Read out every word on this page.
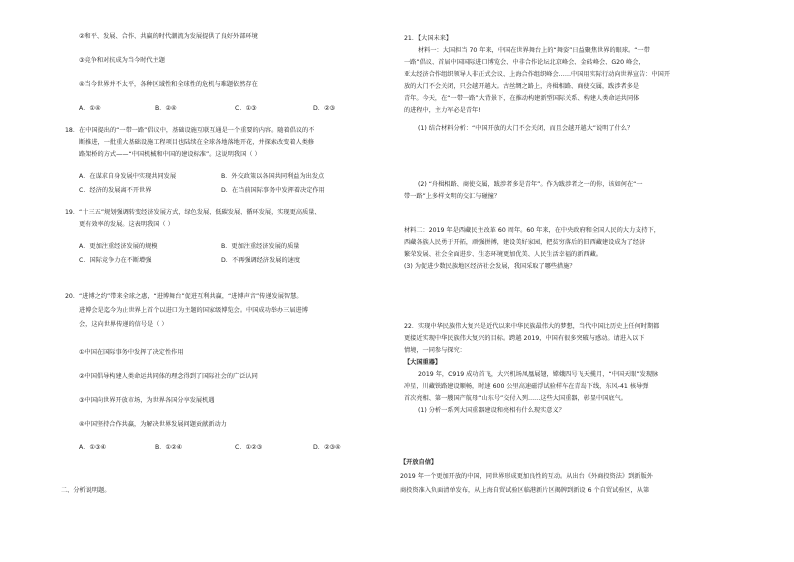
②和平、发展、合作、共赢的时代潮流为发展提供了良好外部环境
③竞争和对抗成为当今时代主题
④当今世界并不太平，各种区域性和全球性的危机与难题依然存在
A．①④	B．②④	C．①③	D．②③
18．在中国提出的“一带一路”倡议中，基础设施互联互通是一个重要的内容。随着倡议的不
断推进，一批重大基础设施工程项目也陆续在全球各地落地开花，并探索改变着人类修
路架桥的方式——“中国机械和中国的建设标准”。这说明我国（ ）
A．在谋求自身发展中实现共同发展	B．外交政策以各国共同利益为出发点
C．经济的发展离不开世界	D．在当前国际事务中发挥着决定作用
19．“十三五”规划强调转变经济发展方式，绿色发展、低碳发展、循环发展，实现更高质量、
更有效率的发展。这表明我国（ ）
A．更加注重经济发展的规模	B．更加注重经济发展的质量
C．国际竞争力在不断增强	D．不再强调经济发展的速度
20．“进博之约”带来全球之惠，“进博舞台”促进互利共赢，“进博声音”传递发展智慧。
进博会是迄今为止世界上首个以进口为主题的国家级博览会。中国成功举办三届进博
会，这向世界传递的信号是（ ）
①中国在国际事务中发挥了决定性作用
②中国倡导构建人类命运共同体的理念得到了国际社会的广泛认同
③中国向世界开放市场，为世界各国分享发展机遇
④中国坚持合作共赢，为解决世界发展问题贡献新动力
A．①③④	B．①②④	C．①②③	D．②③④
二、分析说明题。
21．【大国未来】
材料一：大国担当 70 年来，中国在世界舞台上的“舞姿”日益聚焦世界的眼球。“一带
一路”倡议、首届中国国际进口博览会、中非合作论坛北京峰会、金砖峰会、G20 峰会，
亚太经济合作组织领导人非正式会议、上海合作组织峰会……中国用实际行动向世界宣告：中国开
放的大门不会关闭，只会越开越大。古丝绸之路上，舟楫相路、商使交属，跋涉者多是
青年。今天，在“一带一路”大背景下，在推动构建新型国际关系、构建人类命运共同体
的进程中，主力军必是青年!
(1) 结合材料分析：“中国开放的大门不会关闭，而且会越开越大”说明了什么？
(2) “舟楫相路、商使交属，跋涉者多是青年”。作为跋涉者之一的你，该如何在“一
带一路”上多样文明的交汇与碰撞？
材料二：2019 年是西藏民主改革 60 周年。60 年来，在中央政府和全国人民的大力支持下，
西藏各族人民勇于开拓，顽强拼搏，建设美好家园，把贫穷落后的旧西藏建设成为了经济
繁荣发展、社会全面进步、生态环境更加优美、人民生活幸福的新西藏。
(3) 为促进少数民族地区经济社会发展，我国采取了哪些措施？
22．实现中华民族伟大复兴是近代以来中华民族最伟大的梦想，当代中国比历史上任何时期都
更接近实现中华民族伟大复兴的目标。跨越 2019，中国有很多突破与感动。请进入以下
情境，一同参与探究：
【大国重器】
2019 年，C919 成功首飞，大兴机场凤凰展翅，嫦娥四号飞天揽月，“中国天眼”发现脉
冲星，川藏铁路建设顺畅，时速 600 公里高速磁浮试验样车在青岛下线，东风-41 核导弹
首次亮相、第一艘国产航母“山东号”交付入列……这些大国重器，彰显中国底气。
(1) 分析一系列大国重器建设和亮相有什么现实意义？
【开放自信】
2019 年一个更加开放的中国，同世界形成更加良性的互动。从出台《外商投资法》到新版外
商投资准入负面清单发布，从上海自贸试验区临港新片区揭牌到新设 6 个自贸试验区，从第
